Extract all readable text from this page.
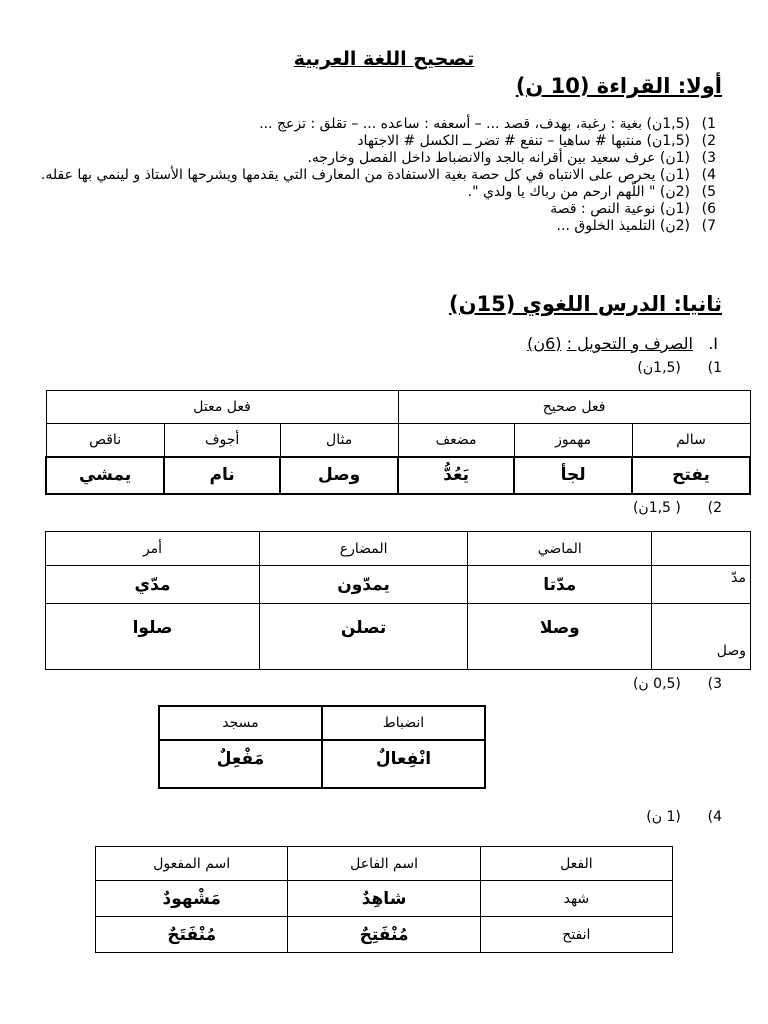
تصحيح اللغة العربية
أولا: القراءة (10 ن)
1)
(1,5ن) بغية : رغبة، بهدف، قصد ... – أسعفه : ساعده ... – تقلق : تزعج ...
2)
(1,5ن) منتبها # ساهيا – تنفع # تضر ــ الكسل # الاجتهاد
3)
(1ن) عرف سعيد بين أقرانه بالجد والانضباط داخل الفصل وخارجه.
4)
(1ن) يحرص على الانتباه في كل حصة بغية الاستفادة من المعارف التي يقدمها ويشرحها الأستاذ و لينمي بها عقله.
5)
(2ن) " اللّهم ارحم من رباك يا ولدي ".
6)
(1ن) نوعية النص : قصة
7)
(2ن) التلميذ الخلوق ...
ثانيا: الدرس اللغوي (15ن)
I.   الصرف و التحويل : (6ن)
1)      (1,5ن)
فعل صحيح			فعل معتل		
سالم	مهموز	مضعف	مثال	أجوف	ناقص
يفتح	لجأ	يَعُدُّ	وصل	نام	يمشي
2)      ( 1,5ن)
	الماضي	المضارع	أمر
مدّ	مدّتا	يمدّون	مدّي
وصل	وصلا	تصلن	صلوا
3)      (0,5 ن)
انضباط	مسجد
انْفِعالٌ	مَفْعِلٌ
4)      (1 ن)
الفعل	اسم الفاعل	اسم المفعول
شهد	شاهِدٌ	مَشْهودٌ
انفتح	مُنْفَتِحٌ	مُنْفَتَحٌ
